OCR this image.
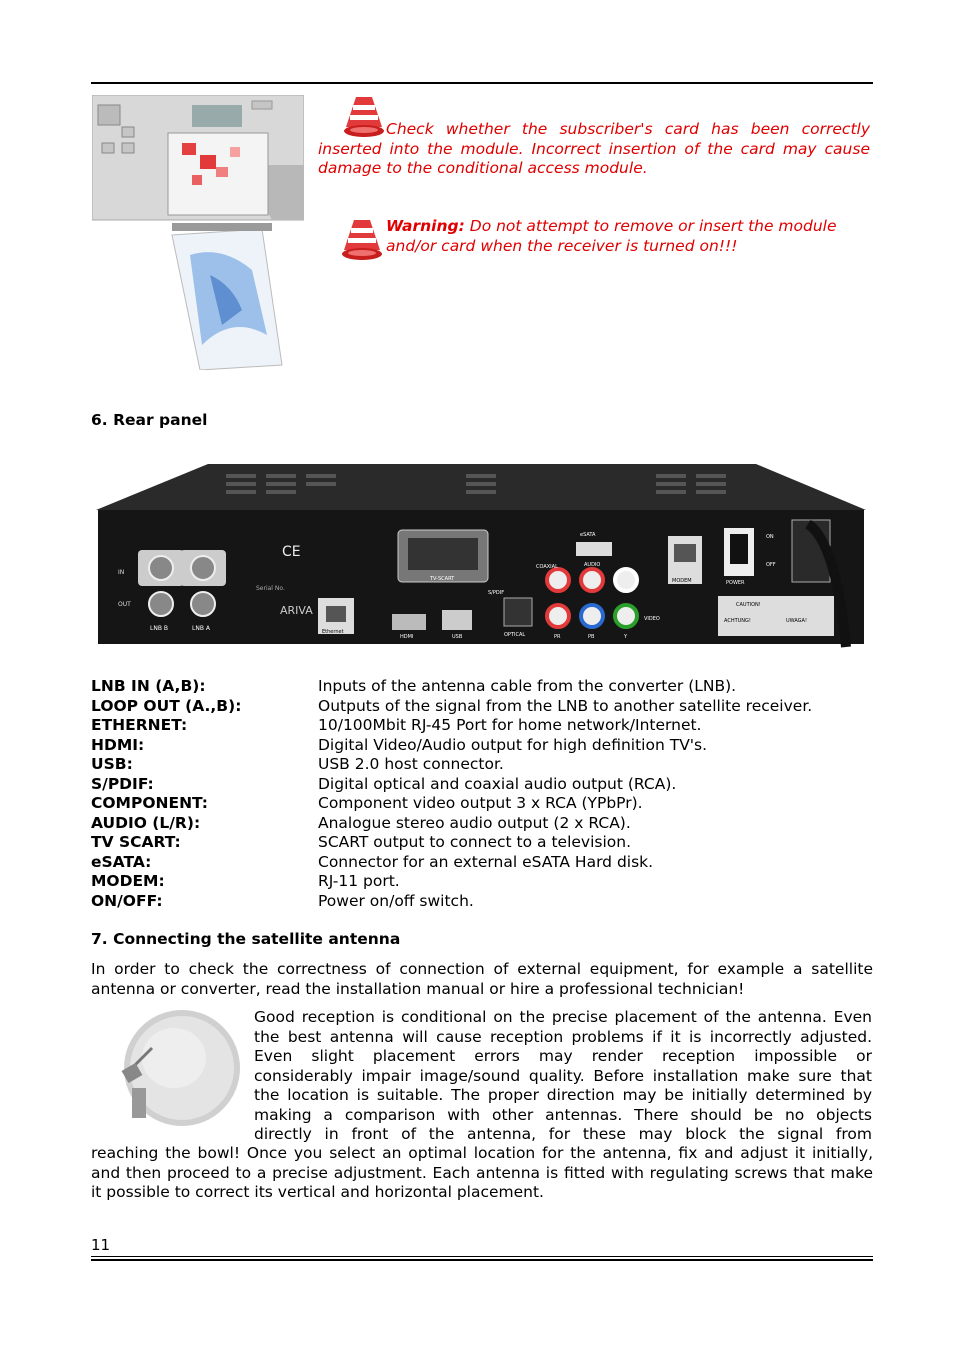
Check whether the subscriber's card has been correctly inserted into the module. Incorrect insertion of the card may cause damage to the conditional access module.
Warning: Do not attempt to remove or insert the module and/or card when the receiver is turned on!!!
6. Rear panel
LNB B	LNB A
IN
OUT
CE
ARIVA
Serial No.
Ethernet
HDMI	USB
TV-SCART
OPTICAL
S/PDIF
eSATA
COAXIAL	AUDIO
VIDEO
PR	PB	Y
MODEM	POWER
ON
OFF
CAUTION!
ACHTUNG!	UWAGA!
LNB IN (A,B):	Inputs of the antenna cable from the converter (LNB).
LOOP OUT (A.,B):	Outputs of the signal from the LNB to another satellite receiver.
ETHERNET:	10/100Mbit RJ-45 Port for home network/Internet.
HDMI:	Digital Video/Audio output for high definition TV's.
USB:	USB 2.0 host connector.
S/PDIF:	Digital optical and coaxial audio output (RCA).
COMPONENT:	Component video output 3 x RCA (YPbPr).
AUDIO (L/R):	Analogue stereo audio output (2 x RCA).
TV SCART:	SCART output to connect to a television.
eSATA:	Connector for an external eSATA Hard disk.
MODEM:	RJ-11 port.
ON/OFF:	Power on/off switch.
7. Connecting the satellite antenna
In order to check the correctness of connection of external equipment, for example a satellite antenna or converter, read the installation manual or hire a professional technician!
Good reception is conditional on the precise placement of the antenna. Even
the best antenna will cause reception problems if it is incorrectly adjusted.
Even slight placement errors may render reception impossible or
considerably impair image/sound quality. Before installation make sure that
the location is suitable. The proper direction may be initially determined by
making a comparison with other antennas. There should be no objects
directly in front of the antenna, for these may block the signal from
reaching the bowl! Once you select an optimal location for the antenna, fix and adjust it initially, and then proceed to a precise adjustment. Each antenna is fitted with regulating screws that make it possible to correct its vertical and horizontal placement.
11
